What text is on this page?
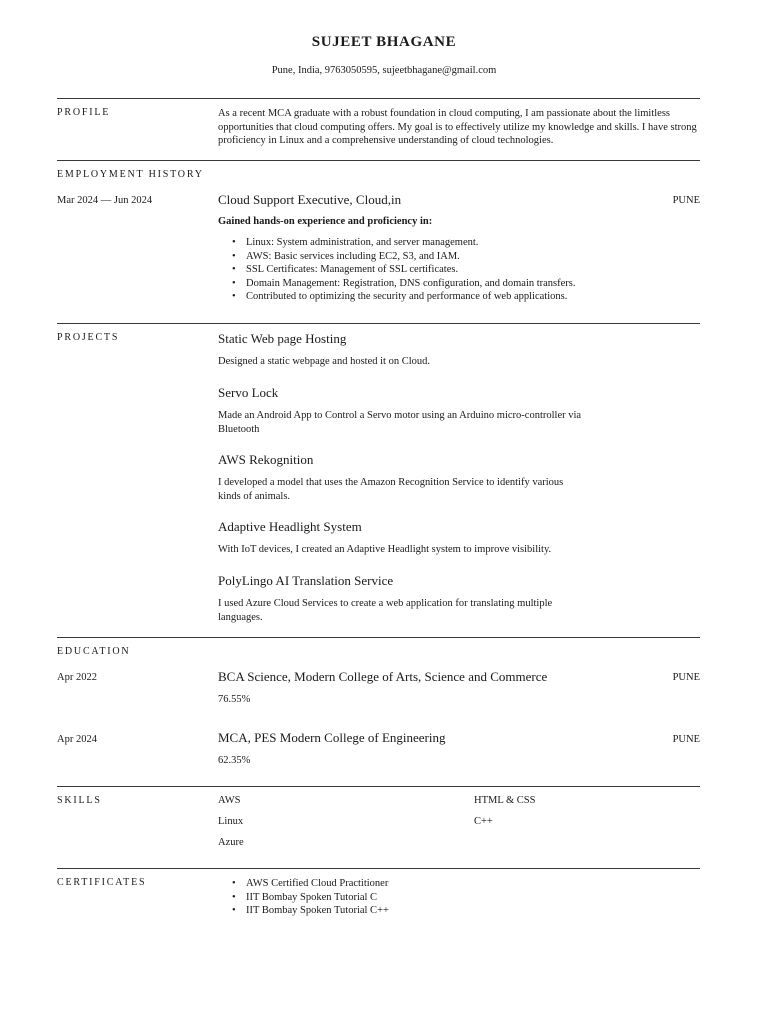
SUJEET BHAGANE
Pune, India, 9763050595, sujeetbhagane@gmail.com
PROFILE	As a recent MCA graduate with a robust foundation in cloud computing, I am passionate about the limitless opportunities that cloud computing offers. My goal is to effectively utilize my knowledge and skills. I have strong proficiency in Linux and a comprehensive understanding of cloud technologies.
EMPLOYMENT HISTORY
Mar 2024 — Jun 2024	Cloud Support Executive, Cloud,in	PUNE
Gained hands-on experience and proficiency in:
• Linux: System administration, and server management.
• AWS: Basic services including EC2, S3, and IAM.
• SSL Certificates: Management of SSL certificates.
• Domain Management: Registration, DNS configuration, and domain transfers.
• Contributed to optimizing the security and performance of web applications.
PROJECTS	Static Web page Hosting
Designed a static webpage and hosted it on Cloud.
Servo Lock
Made an Android App to Control a Servo motor using an Arduino micro-controller via Bluetooth
AWS Rekognition
I developed a model that uses the Amazon Recognition Service to identify various kinds of animals.
Adaptive Headlight System
With IoT devices, I created an Adaptive Headlight system to improve visibility.
PolyLingo AI Translation Service
I used Azure Cloud Services to create a web application for translating multiple languages.
EDUCATION
Apr 2022	BCA Science, Modern College of Arts, Science and Commerce	PUNE
76.55%
Apr 2024	MCA, PES Modern College of Engineering	PUNE
62.35%
SKILLS	AWS
Linux
Azure
HTML & CSS
C++
CERTIFICATES
•	AWS Certified Cloud Practitioner
• IIT Bombay Spoken Tutorial C
• IIT Bombay Spoken Tutorial C++
